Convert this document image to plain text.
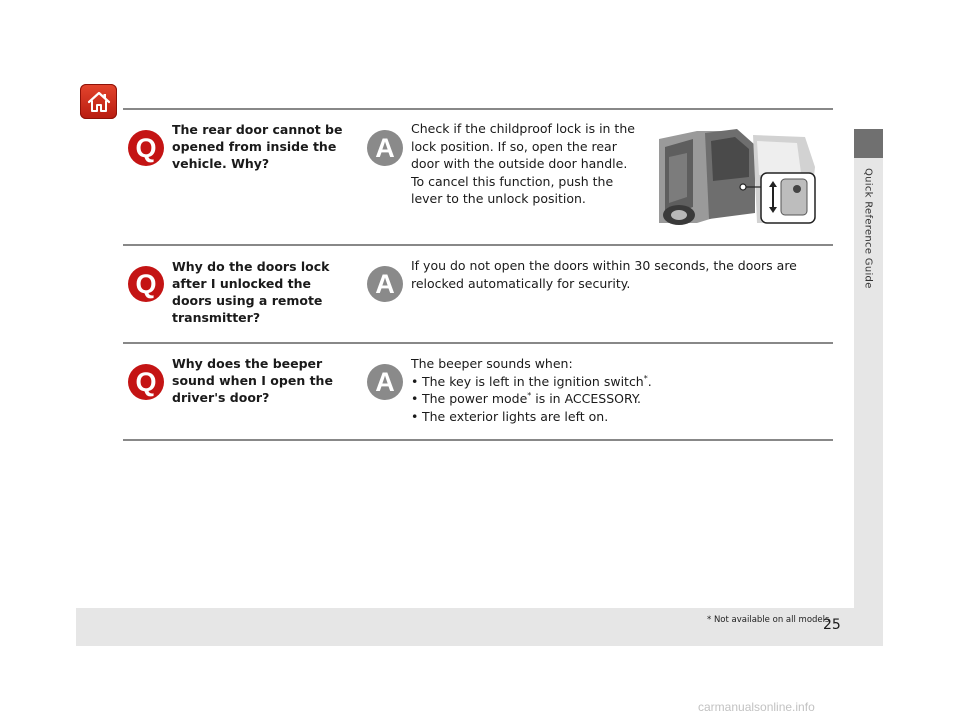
Quick Reference Guide
Q
The rear door cannot be opened from inside the vehicle. Why?
A
Check if the childproof lock is in the
lock position. If so, open the rear
door with the outside door handle.
To cancel this function, push the
lever to the unlock position.
Q
Why do the doors lock after I unlocked the doors using a remote transmitter?
A
If you do not open the doors within 30 seconds, the doors are
relocked automatically for security.
Q
Why does the beeper sound when I open the driver's door?
A
The beeper sounds when:
• The key is left in the ignition switch*.
• The power mode* is in ACCESSORY.
• The exterior lights are left on.
* Not available on all models
25
carmanualsonline.info
